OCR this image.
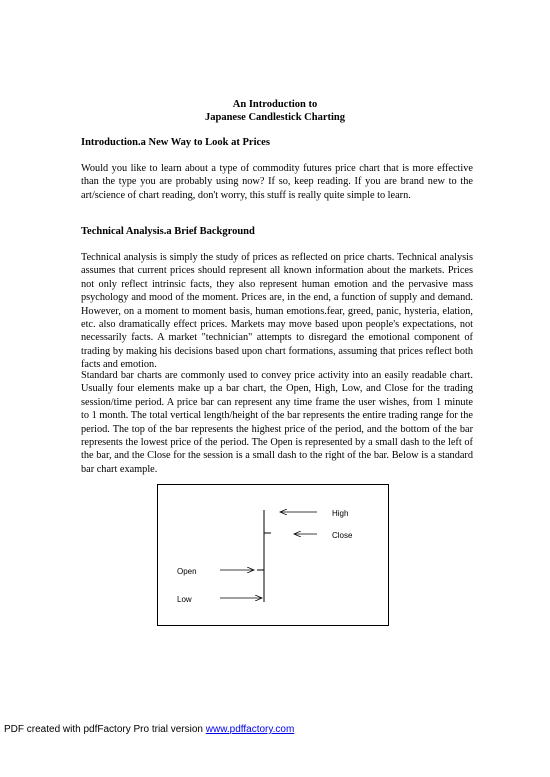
An Introduction to
Japanese Candlestick Charting
Introduction.a New Way to Look at Prices
Would you like to learn about a type of commodity futures price chart that is more effective than the type you are probably using now? If so, keep reading. If you are brand new to the art/science of chart reading, don't worry, this stuff is really quite simple to learn.
Technical Analysis.a Brief Background
Technical analysis is simply the study of prices as reflected on price charts. Technical analysis assumes that current prices should represent all known information about the markets. Prices not only reflect intrinsic facts, they also represent human emotion and the pervasive mass psychology and mood of the moment. Prices are, in the end, a function of supply and demand. However, on a moment to moment basis, human emotions.fear, greed, panic, hysteria, elation, etc. also dramatically effect prices. Markets may move based upon people's expectations, not necessarily facts. A market "technician" attempts to disregard the emotional component of trading by making his decisions based upon chart formations, assuming that prices reflect both facts and emotion.
Standard bar charts are commonly used to convey price activity into an easily readable chart. Usually four elements make up a bar chart, the Open, High, Low, and Close for the trading session/time period. A price bar can represent any time frame the user wishes, from 1 minute to 1 month. The total vertical length/height of the bar represents the entire trading range for the period. The top of the bar represents the highest price of the period, and the bottom of the bar represents the lowest price of the period. The Open is represented by a small dash to the left of the bar, and the Close for the session is a small dash to the right of the bar. Below is a standard bar chart example.
High
Close
Open
Low
PDF created with pdfFactory Pro trial version www.pdffactory.com
